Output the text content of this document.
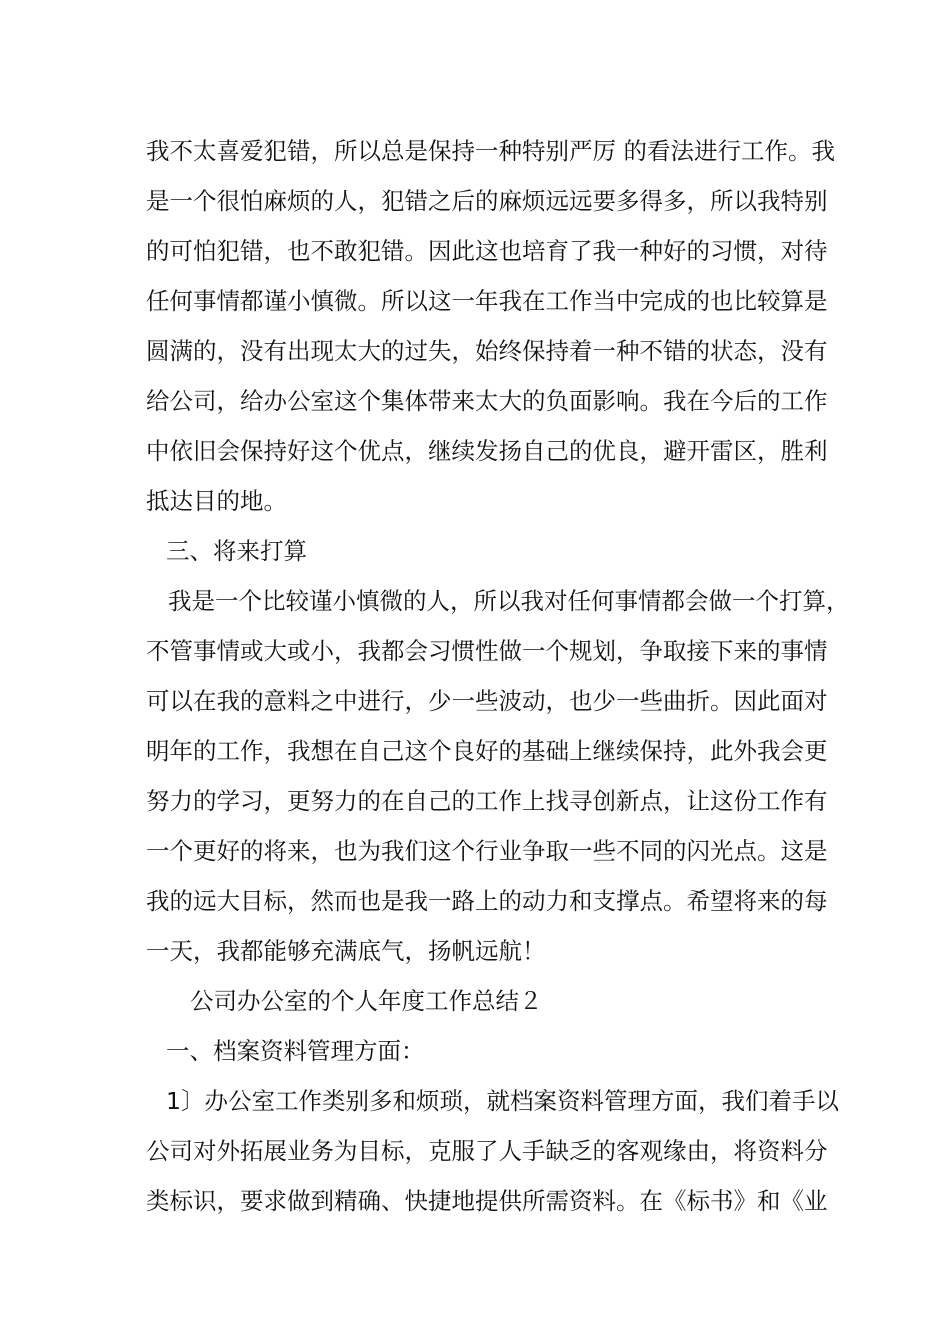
我不太喜爱犯错，所以总是保持一种特别严厉 的看法进行工作。我
是一个很怕麻烦的人，犯错之后的麻烦远远要多得多，所以我特别
的可怕犯错，也不敢犯错。因此这也培育了我一种好的习惯，对待
任何事情都谨小慎微。所以这一年我在工作当中完成的也比较算是
圆满的，没有出现太大的过失，始终保持着一种不错的状态，没有
给公司，给办公室这个集体带来太大的负面影响。我在今后的工作
中依旧会保持好这个优点，继续发扬自己的优良，避开雷区，胜利
抵达目的地。
三、将来打算
我是一个比较谨小慎微的人，所以我对任何事情都会做一个打算，
不管事情或大或小，我都会习惯性做一个规划，争取接下来的事情
可以在我的意料之中进行，少一些波动，也少一些曲折。因此面对
明年的工作，我想在自己这个良好的基础上继续保持，此外我会更
努力的学习，更努力的在自己的工作上找寻创新点，让这份工作有
一个更好的将来，也为我们这个行业争取一些不同的闪光点。这是
我的远大目标，然而也是我一路上的动力和支撑点。希望将来的每
一天，我都能够充满底气，扬帆远航！
公司办公室的个人年度工作总结２
一、档案资料管理方面：
1〕办公室工作类别多和烦琐，就档案资料管理方面，我们着手以
公司对外拓展业务为目标，克服了人手缺乏的客观缘由，将资料分
类标识，要求做到精确、快捷地提供所需资料。在《标书》和《业
